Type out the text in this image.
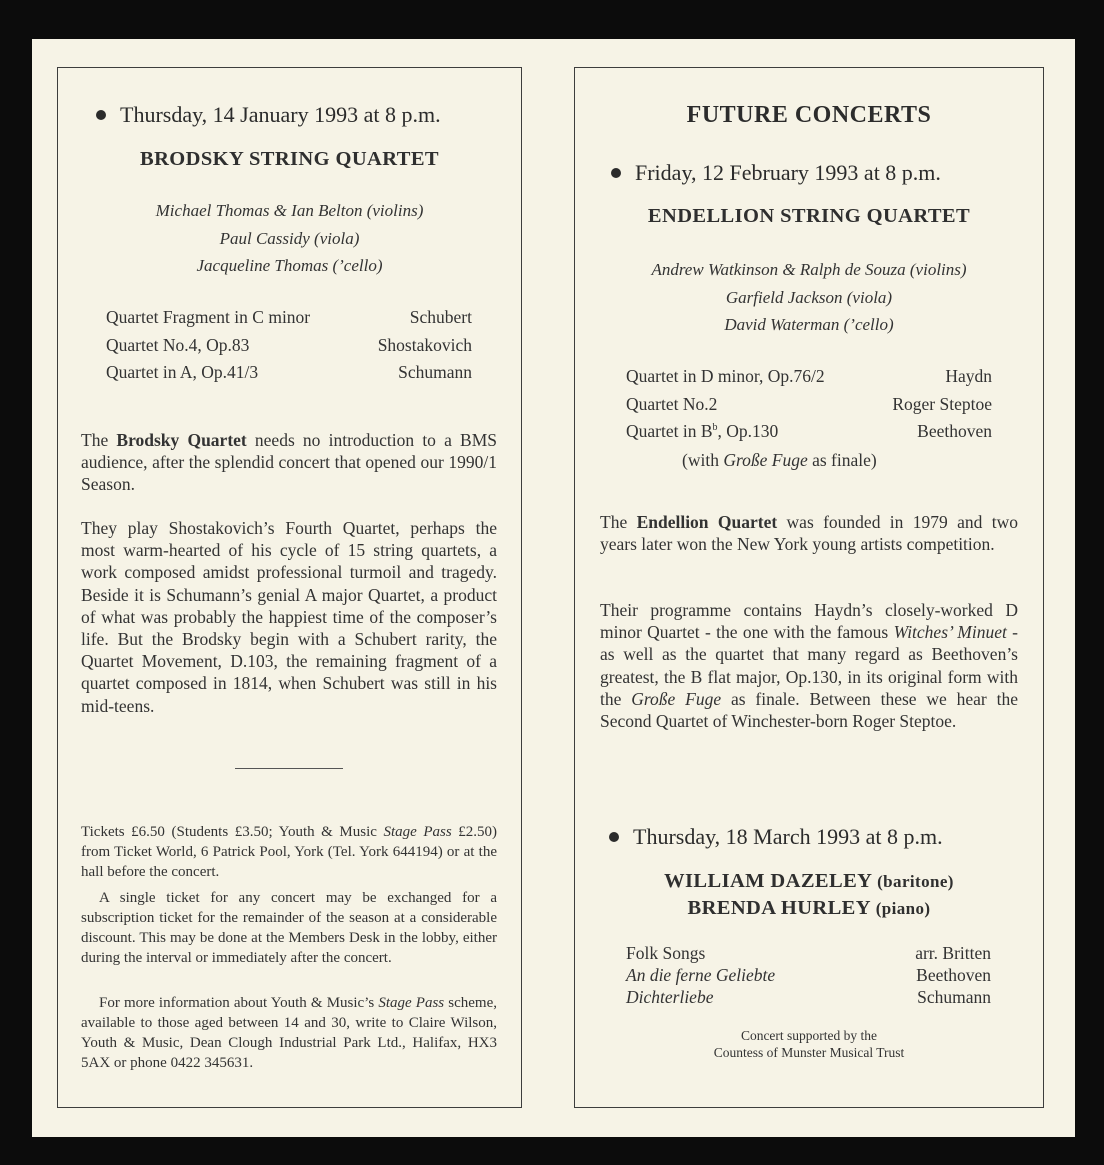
Thursday, 14 January 1993 at 8 p.m.
BRODSKY STRING QUARTET
Michael Thomas & Ian Belton (violins)
Paul Cassidy (viola)
Jacqueline Thomas (’cello)
Quartet Fragment in C minor	Schubert
Quartet No.4, Op.83	Shostakovich
Quartet in A, Op.41/3	Schumann
The Brodsky Quartet needs no introduction to a BMS audience, after the splendid concert that opened our 1990/1 Season.
They play Shostakovich’s Fourth Quartet, perhaps the most warm-hearted of his cycle of 15 string quartets, a work composed amidst professional turmoil and tragedy. Beside it is Schumann’s genial A major Quartet, a product of what was probably the happiest time of the composer’s life. But the Brodsky begin with a Schubert rarity, the Quartet Movement, D.103, the remaining fragment of a quartet composed in 1814, when Schubert was still in his mid-teens.
Tickets £6.50 (Students £3.50; Youth & Music Stage Pass £2.50) from Ticket World, 6 Patrick Pool, York (Tel. York 644194) or at the hall before the concert.
A single ticket for any concert may be exchanged for a subscription ticket for the remainder of the season at a considerable discount. This may be done at the Members Desk in the lobby, either during the interval or immediately after the concert.
For more information about Youth & Music’s Stage Pass scheme, available to those aged between 14 and 30, write to Claire Wilson, Youth & Music, Dean Clough Industrial Park Ltd., Halifax, HX3 5AX or phone 0422 345631.
FUTURE CONCERTS
Friday, 12 February 1993 at 8 p.m.
ENDELLION STRING QUARTET
Andrew Watkinson & Ralph de Souza (violins)
Garfield Jackson (viola)
David Waterman (’cello)
Quartet in D minor, Op.76/2	Haydn
Quartet No.2	Roger Steptoe
Quartet in $B^b$, Op.130	Beethoven
(with Große Fuge as finale)
The Endellion Quartet was founded in 1979 and two years later won the New York young artists competition.
Their programme contains Haydn’s closely-worked D minor Quartet - the one with the famous Witches’ Minuet - as well as the quartet that many regard as Beethoven’s greatest, the B flat major, Op.130, in its original form with the Große Fuge as finale. Between these we hear the Second Quartet of Winchester-born Roger Steptoe.
Thursday, 18 March 1993 at 8 p.m.
WILLIAM DAZELEY (baritone)
BRENDA HURLEY (piano)
Folk Songs	arr. Britten
An die ferne Geliebte	Beethoven
Dichterliebe	Schumann
Concert supported by the
Countess of Munster Musical Trust
